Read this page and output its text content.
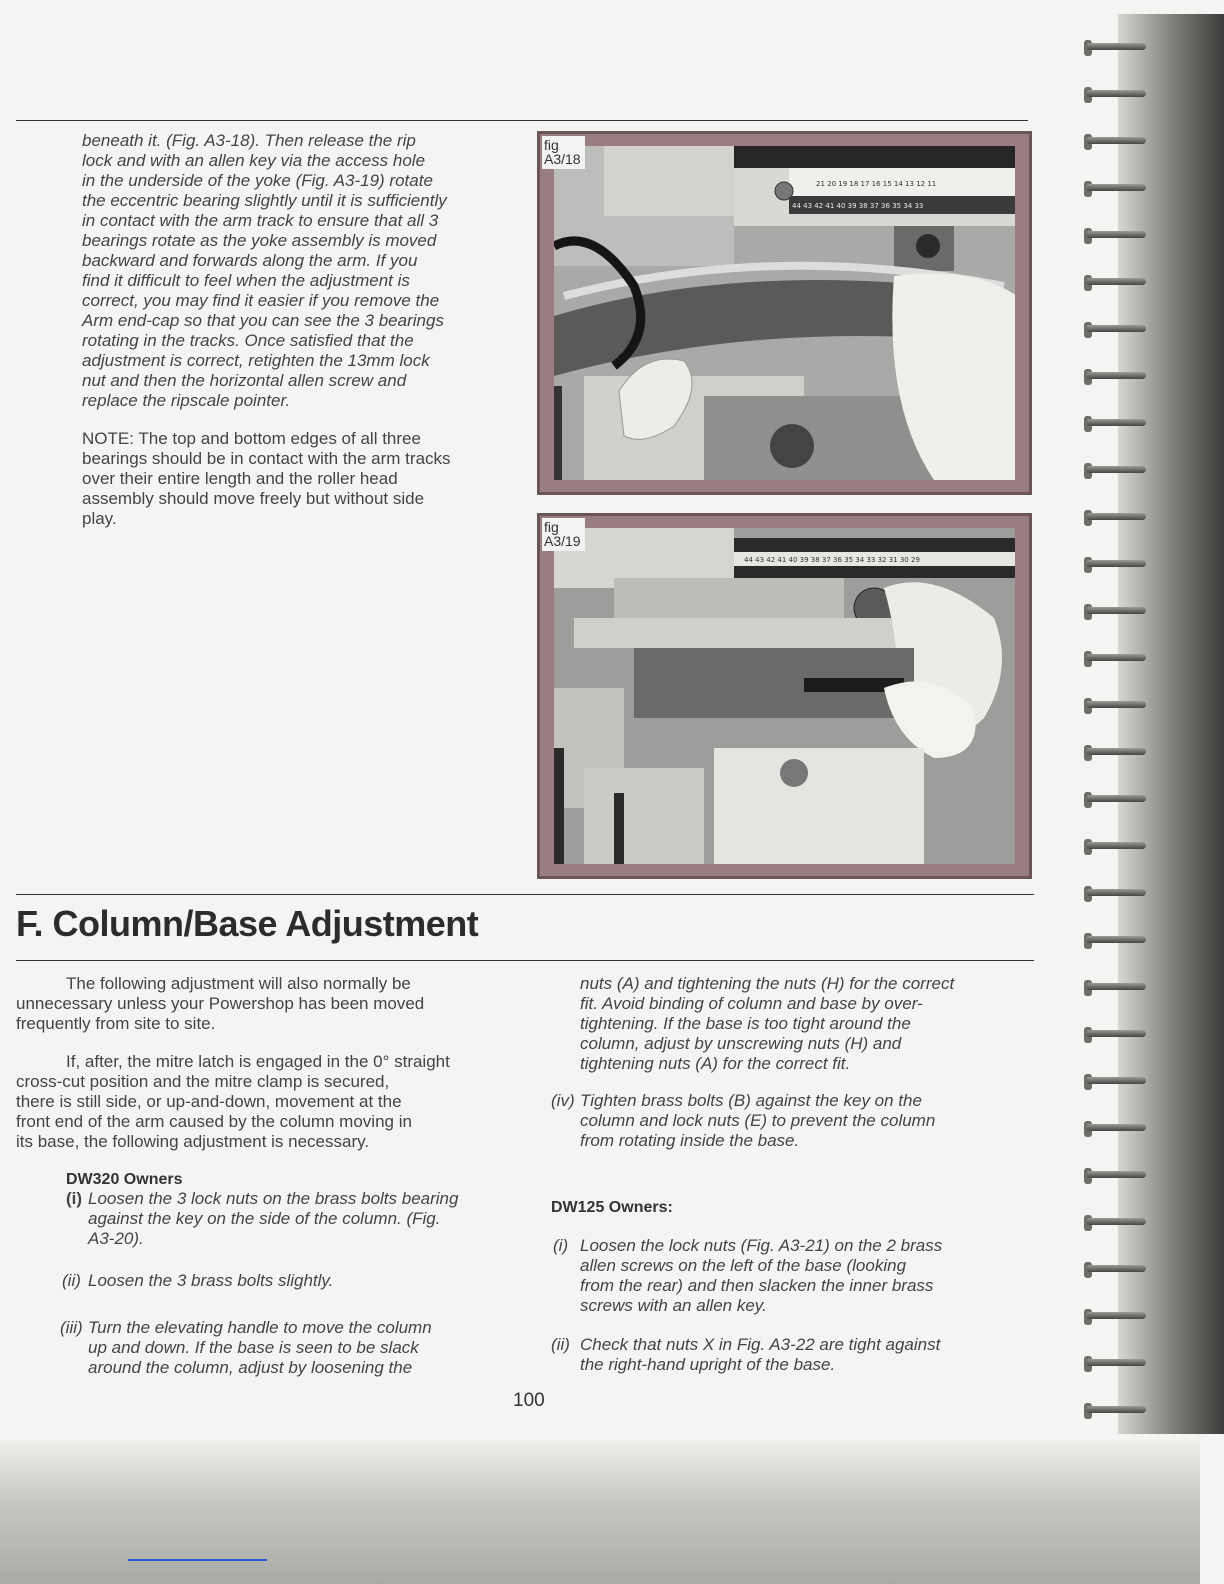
beneath it. (Fig. A3-18). Then release the rip
lock and with an allen key via the access hole
in the underside of the yoke (Fig. A3-19) rotate
the eccentric bearing slightly until it is sufficiently
in contact with the arm track to ensure that all 3
bearings rotate as the yoke assembly is moved
backward and forwards along the arm. If you
find it difficult to feel when the adjustment is
correct, you may find it easier if you remove the
Arm end-cap so that you can see the 3 bearings
rotating in the tracks. Once satisfied that the
adjustment is correct, retighten the 13mm lock
nut and then the horizontal allen screw and
replace the ripscale pointer.
NOTE: The top and bottom edges of all three
bearings should be in contact with the arm tracks
over their entire length and the roller head
assembly should move freely but without side
play.
21 20 19 18 17 16 15 14 13 12 11
44 43 42 41 40 39 38 37 36 35 34 33
fig
A3/18
44 43 42 41 40 39 38 37 36 35 34 33 32 31 30 29
fig
A3/19
F. Column/Base Adjustment
The following adjustment will also normally be
unnecessary unless your Powershop has been moved
frequently from site to site.
If, after, the mitre latch is engaged in the 0° straight
cross-cut position and the mitre clamp is secured,
there is still side, or up-and-down, movement at the
front end of the arm caused by the column moving in
its base, the following adjustment is necessary.
DW320 Owners
(i) Loosen the 3 lock nuts on the brass bolts bearing
against the key on the side of the column. (Fig.
A3-20).
(ii) Loosen the 3 brass bolts slightly.
(iii) Turn the elevating handle to move the column
up and down. If the base is seen to be slack
around the column, adjust by loosening the
nuts (A) and tightening the nuts (H) for the correct
fit. Avoid binding of column and base by over-
tightening. If the base is too tight around the
column, adjust by unscrewing nuts (H) and
tightening nuts (A) for the correct fit.
(iv) Tighten brass bolts (B) against the key on the
column and lock nuts (E) to prevent the column
from rotating inside the base.
DW125 Owners:
(i) Loosen the lock nuts (Fig. A3-21) on the 2 brass
allen screws on the left of the base (looking
from the rear) and then slacken the inner brass
screws with an allen key.
(ii) Check that nuts X in Fig. A3-22 are tight against
the right-hand upright of the base.
100
